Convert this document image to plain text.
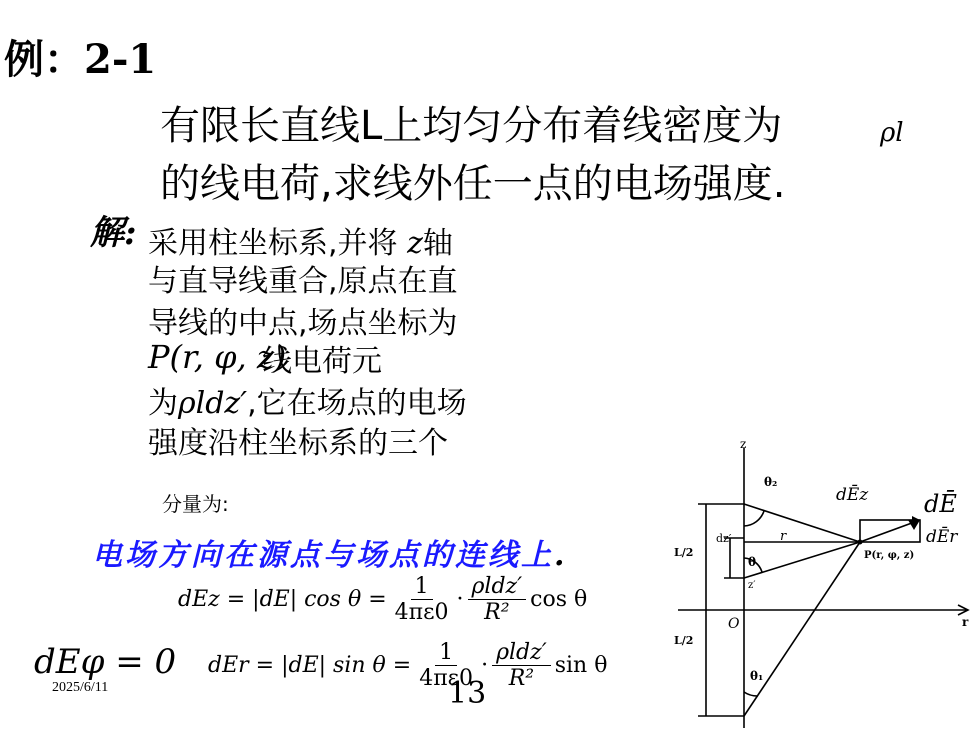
例：2-1
有限长直线L上均匀分布着线密度为	ρl
的线电荷,求线外任一点的电场强度.
解: 采用柱坐标系,并将 z轴
与直导线重合,原点在直
导线的中点,场点坐标为
P(r, φ, z)
线电荷元
为ρldz′,它在场点的电场
强度沿柱坐标系的三个
分量为:
电场方向在源点与场点的连线上.
dEz = |dE| $\cos \theta = \frac{1}{4\pi\varepsilon 0} \cdot \frac{\text{ρldz′}}{\text{R²}}$ cos θ
dEr = |dE| $\sin \theta = \frac{1}{4\pi\varepsilon 0} \cdot \frac{\text{ρldz′}}{\text{R²}}$ sin θ
dEφ = 0
2025/6/11	13
z
θ₂
r
dz′
θ
z′
O	r
L/2
L/2
θ₁
P(r, φ, z)
dĒz dĒ
dĒr
